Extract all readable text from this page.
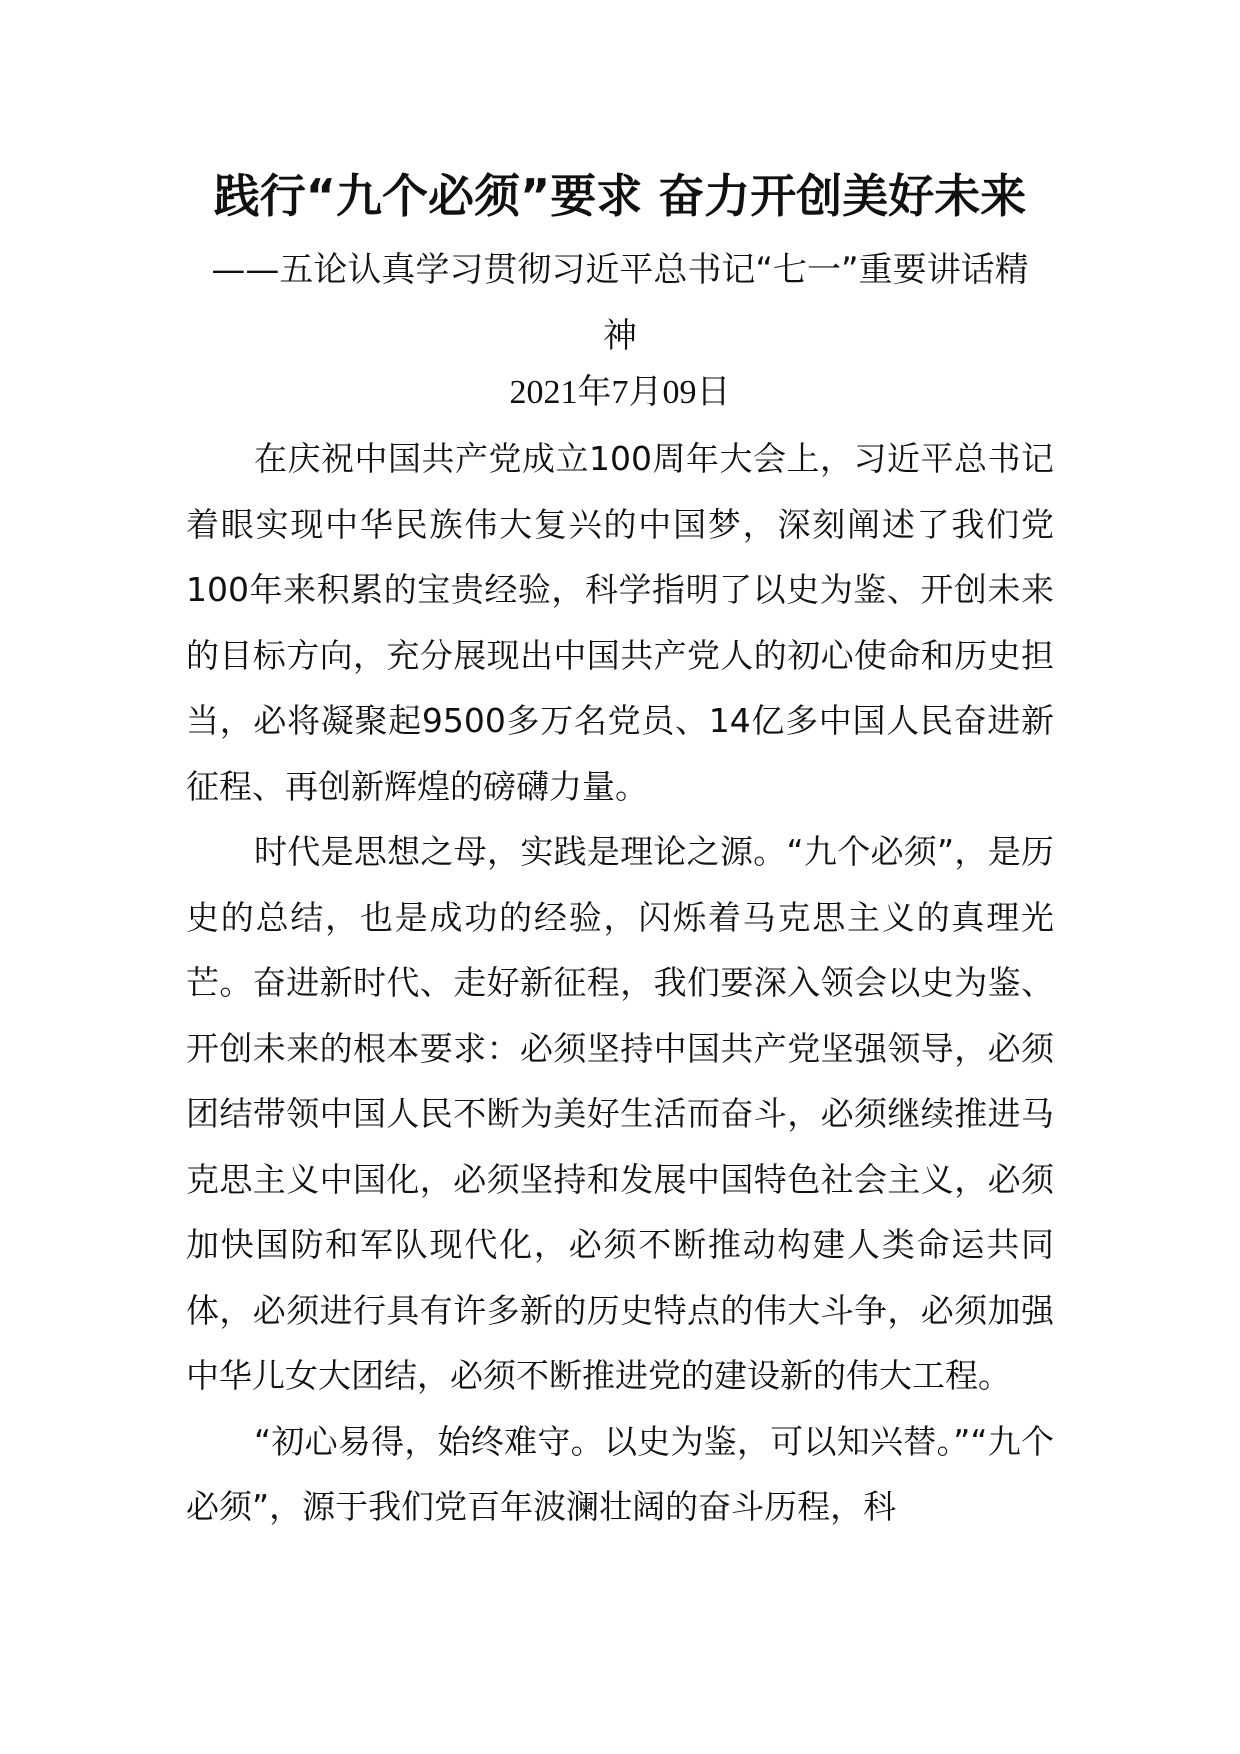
践行“九个必须”要求 奋力开创美好未来
——五论认真学习贯彻习近平总书记“七一”重要讲话精神
2021年7月09日

在庆祝中国共产党成立100周年大会上，习近平总书记着眼实现中华民族伟大复兴的中国梦，深刻阐述了我们党100年来积累的宝贵经验，科学指明了以史为鉴、开创未来的目标方向，充分展现出中国共产党人的初心使命和历史担当，必将凝聚起9500多万名党员、14亿多中国人民奋进新征程、再创新辉煌的磅礴力量。

时代是思想之母，实践是理论之源。“九个必须”，是历史的总结，也是成功的经验，闪烁着马克思主义的真理光芒。奋进新时代、走好新征程，我们要深入领会以史为鉴、开创未来的根本要求：必须坚持中国共产党坚强领导，必须团结带领中国人民不断为美好生活而奋斗，必须继续推进马克思主义中国化，必须坚持和发展中国特色社会主义，必须加快国防和军队现代化，必须不断推动构建人类命运共同体，必须进行具有许多新的历史特点的伟大斗争，必须加强中华儿女大团结，必须不断推进党的建设新的伟大工程。

“初心易得，始终难守。以史为鉴，可以知兴替。”“九个必须”，源于我们党百年波澜壮阔的奋斗历程，科
